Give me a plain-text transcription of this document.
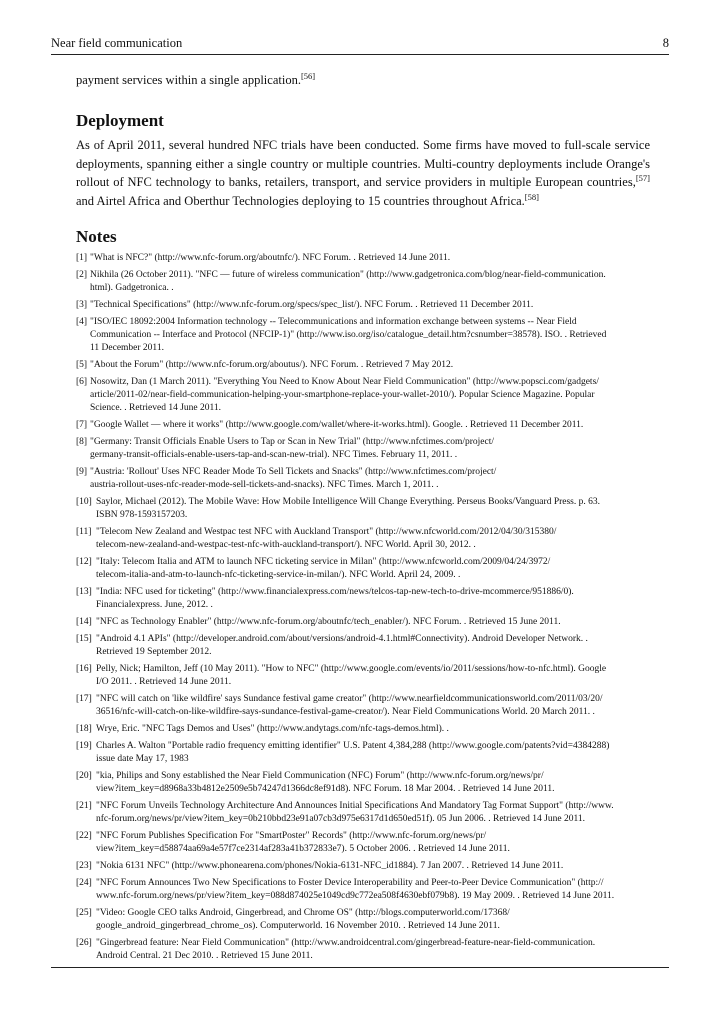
Near field communication	8

payment services within a single application.[56]

Deployment

As of April 2011, several hundred NFC trials have been conducted. Some firms have moved to full-scale service deployments, spanning either a single country or multiple countries. Multi-country deployments include Orange's rollout of NFC technology to banks, retailers, transport, and service providers in multiple European countries,[57] and Airtel Africa and Oberthur Technologies deploying to 15 countries throughout Africa.[58]

Notes
[1] "What is NFC?" (http://www.nfc-forum.org/aboutnfc/). NFC Forum. . Retrieved 14 June 2011.
[2] Nikhila (26 October 2011). "NFC — future of wireless communication" (http://www.gadgetronica.com/blog/near-field-communication.
html). Gadgetronica. .
[3] "Technical Specifications" (http://www.nfc-forum.org/specs/spec_list/). NFC Forum. . Retrieved 11 December 2011.
[4] "ISO/IEC 18092:2004 Information technology -- Telecommunications and information exchange between systems -- Near Field
Communication -- Interface and Protocol (NFCIP-1)" (http://www.iso.org/iso/catalogue_detail.htm?csnumber=38578). ISO. . Retrieved
11 December 2011.
[5] "About the Forum" (http://www.nfc-forum.org/aboutus/). NFC Forum. . Retrieved 7 May 2012.
[6] Nosowitz, Dan (1 March 2011). "Everything You Need to Know About Near Field Communication" (http://www.popsci.com/gadgets/
article/2011-02/near-field-communication-helping-your-smartphone-replace-your-wallet-2010/). Popular Science Magazine. Popular
Science. . Retrieved 14 June 2011.
[7] "Google Wallet — where it works" (http://www.google.com/wallet/where-it-works.html). Google. . Retrieved 11 December 2011.
[8] "Germany: Transit Officials Enable Users to Tap or Scan in New Trial" (http://www.nfctimes.com/project/
germany-transit-officials-enable-users-tap-and-scan-new-trial). NFC Times. February 11, 2011. .
[9] "Austria: 'Rollout' Uses NFC Reader Mode To Sell Tickets and Snacks" (http://www.nfctimes.com/project/
austria-rollout-uses-nfc-reader-mode-sell-tickets-and-snacks). NFC Times. March 1, 2011. .
[10] Saylor, Michael (2012). The Mobile Wave: How Mobile Intelligence Will Change Everything. Perseus Books/Vanguard Press. p. 63.
ISBN 978-1593157203.
[11] "Telecom New Zealand and Westpac test NFC with Auckland Transport" (http://www.nfcworld.com/2012/04/30/315380/
telecom-new-zealand-and-westpac-test-nfc-with-auckland-transport/). NFC World. April 30, 2012. .
[12] "Italy: Telecom Italia and ATM to launch NFC ticketing service in Milan" (http://www.nfcworld.com/2009/04/24/3972/
telecom-italia-and-atm-to-launch-nfc-ticketing-service-in-milan/). NFC World. April 24, 2009. .
[13] "India: NFC used for ticketing" (http://www.financialexpress.com/news/telcos-tap-new-tech-to-drive-mcommerce/951886/0).
Financialexpress. June, 2012. .
[14] "NFC as Technology Enabler" (http://www.nfc-forum.org/aboutnfc/tech_enabler/). NFC Forum. . Retrieved 15 June 2011.
[15] "Android 4.1 APIs" (http://developer.android.com/about/versions/android-4.1.html#Connectivity). Android Developer Network. .
Retrieved 19 September 2012.
[16] Pelly, Nick; Hamilton, Jeff (10 May 2011). "How to NFC" (http://www.google.com/events/io/2011/sessions/how-to-nfc.html). Google
I/O 2011. . Retrieved 14 June 2011.
[17] "NFC will catch on 'like wildfire' says Sundance festival game creator" (http://www.nearfieldcommunicationsworld.com/2011/03/20/
36516/nfc-will-catch-on-like-wildfire-says-sundance-festival-game-creator/). Near Field Communications World. 20 March 2011. .
[18] Wrye, Eric. "NFC Tags Demos and Uses" (http://www.andytags.com/nfc-tags-demos.html). .
[19] Charles A. Walton "Portable radio frequency emitting identifier" U.S. Patent 4,384,288 (http://www.google.com/patents?vid=4384288)
issue date May 17, 1983
[20] "kia, Philips and Sony established the Near Field Communication (NFC) Forum" (http://www.nfc-forum.org/news/pr/
view?item_key=d8968a33b4812e2509e5b74247d1366dc8ef91d8). NFC Forum. 18 Mar 2004. . Retrieved 14 June 2011.
[21] "NFC Forum Unveils Technology Architecture And Announces Initial Specifications And Mandatory Tag Format Support" (http://www.
nfc-forum.org/news/pr/view?item_key=0b210bbd23e91a07cb3d975e6317d1d650ed51f). 05 Jun 2006. . Retrieved 14 June 2011.
[22] "NFC Forum Publishes Specification For "SmartPoster" Records" (http://www.nfc-forum.org/news/pr/
view?item_key=d58874aa69a4e57f7ce2314af283a41b372833e7). 5 October 2006. . Retrieved 14 June 2011.
[23] "Nokia 6131 NFC" (http://www.phonearena.com/phones/Nokia-6131-NFC_id1884). 7 Jan 2007. . Retrieved 14 June 2011.
[24] "NFC Forum Announces Two New Specifications to Foster Device Interoperability and Peer-to-Peer Device Communication" (http://
www.nfc-forum.org/news/pr/view?item_key=088d874025e1049cd9c772ea508f4630ebf079b8). 19 May 2009. . Retrieved 14 June 2011.
[25] "Video: Google CEO talks Android, Gingerbread, and Chrome OS" (http://blogs.computerworld.com/17368/
google_android_gingerbread_chrome_os). Computerworld. 16 November 2010. . Retrieved 14 June 2011.
[26] "Gingerbread feature: Near Field Communication" (http://www.androidcentral.com/gingerbread-feature-near-field-communication.
Android Central. 21 Dec 2010. . Retrieved 15 June 2011.
